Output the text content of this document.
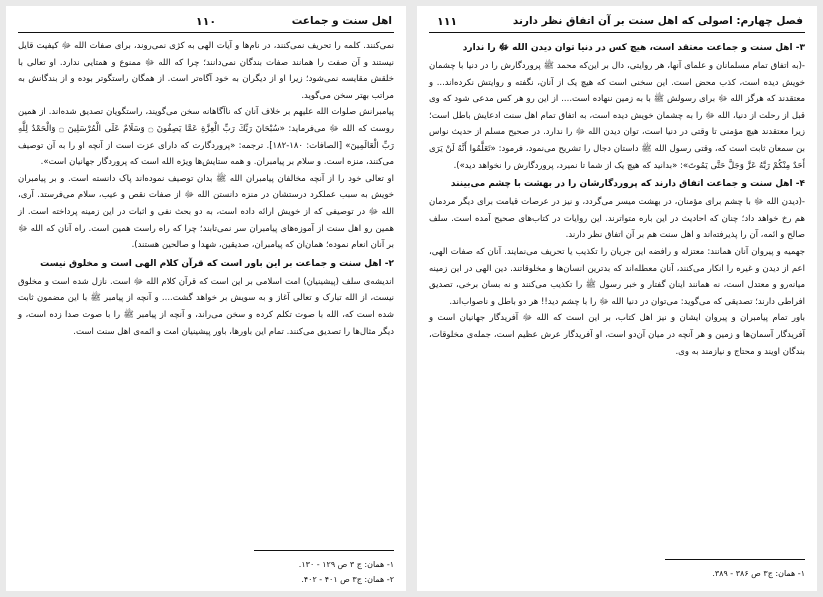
اهل سنت و جماعت
١١٠

نمی‌کنند. کلمه را تحریف نمی‌کنند، در نام‌ها و آیات الهی به کژی نمی‌روند، برای صفات الله ﷻ کیفیت قایل نیستند و آن صفت را همانند صفات بندگان نمی‌دانند؛ چرا که الله ﷻ ممنوع و همتایی ندارد. او تعالی با خلقش مقایسه نمی‌شود؛ زیرا او از دیگران به خود آگاه‌تر است. از همگان راستگوتر بوده و از بندگانش به مراتب بهتر سخن می‌گوید.

پیامبرانش صلوات الله علیهم بر خلاف آنان که ناآگاهانه سخن می‌گویند، راستگویان تصدیق شده‌اند. از همین روست که الله ﷻ می‌فرماید: «سُبْحَانَ رَبِّكَ رَبِّ الْعِزَّةِ عَمَّا يَصِفُونَ ۝ وَسَلَامٌ عَلَى الْمُرْسَلِينَ ۝ وَالْحَمْدُ لِلَّهِ رَبِّ الْعَالَمِينَ» [الصافات: ۱۸۰-۱۸۲]. ترجمه: «پروردگارت که دارای عزت است از آنچه او را به آن توصیف می‌کنند، منزه است. و سلام بر پیامبران. و همه ستایش‌ها ویژه الله است که پروردگار جهانیان است».

او تعالی خود را از آنچه مخالفان پیامبران الله ﷺ بدان توصیف نموده‌اند پاک دانسته است. و بر پیامبران خویش به سبب عملکرد درستشان در منزه دانستن الله ﷻ از صفات نقص و عیب، سلام می‌فرستد. آری، الله ﷻ در توصیفی که از خویش ارائه داده است، به دو بحث نفی و اثبات در این زمینه پرداخته است. از همین رو اهل سنت از آموزه‌های پیامبران سر نمی‌تابند؛ چرا که راه راست همین است. راه آنان که الله ﷻ بر آنان انعام نموده؛ همان‌ان که پیامبران، صدیقین، شهدا و صالحین هستند).

۲- اهل سنت و جماعت بر این باور است که قرآن کلام الهی است و مخلوق نیست

اندیشه‌ی سلف (پیشینیان) امت اسلامی بر این است که قرآن کلام الله ﷻ است. نازل شده است و مخلوق نیست، از الله تبارک و تعالی آغاز و به سویش بر خواهد گشت.... و آنچه از پیامبر ﷺ با این مضمون ثابت شده است که، الله با صوت تکلم کرده و سخن می‌راند، و آنچه از پیامبر ﷺ را با صوت صدا زده است، و دیگر مثال‌ها را تصدیق می‌کنند. تمام این باورها، باور پیشینیان امت و ائمه‌ی اهل سنت است.

۱- همان: ج ۳ ص ۱۲۹ - ۱۳۰.
۲- همان: ج۳ ص ۴۰۱ - ۴۰۲.
فصل چهارم: اصولی که اهل سنت بر آن اتفاق نظر دارند
١١١
۳- اهل سنت و جماعت معتقد است، هیچ کس در دنیا توان دیدن الله ﷻ را ندارد

-(به اتفاق تمام مسلمانان و علمای آنها، هر روایتی، دال بر این‌که محمد ﷺ پروردگارش را در دنیا با چشمان خویش دیده است، کذب محض است. این سخنی است که هیچ یک از آنان، نگفته و روایتش نکرده‌اند... و معتقدند که هرگز الله ﷻ برای رسولش ﷺ با به زمین ننهاده است.... از این رو هر کس مدعی شود که وی قبل از رحلت از دنیا، الله ﷻ را به چشمان خویش دیده است، به اتفاق تمام اهل سنت ادعایش باطل است؛ زیرا معتقدند هیچ مؤمنی تا وقتی در دنیا است، توان دیدن الله ﷻ را ندارد. در صحیح مسلم از حدیث نواس بن سمعان ثابت است که، وقتی رسول الله ﷺ داستان دجال را تشریح می‌نمود، فرمود: «تَعَلَّمُوا أَنَّهُ لَنْ يَرَى أَحَدٌ مِنْكُمْ رَبَّهُ عَزَّ وَجَلَّ حَتَّى يَمُوتَ»: «بدانید که هیچ یک از شما تا نمیرد، پروردگارش را نخواهد دید»).

۴- اهل سنت و جماعت اتفاق دارند که پروردگارشان را در بهشت با چشم می‌بینند

-(دیدن الله ﷻ با چشم برای مؤمنان، در بهشت میسر می‌گردد، و نیز در عرصات قیامت برای دیگر مردمان هم رخ خواهد داد؛ چنان که احادیث در این باره متواترند. این روایات در کتاب‌های صحیح آمده است. سلف صالح و ائمه، آن را پذیرفته‌اند و اهل سنت هم بر آن اتفاق نظر دارند.

جهمیه و پیروان آنان همانند: معتزله و رافضه این جریان را تکذیب یا تحریف می‌نمایند. آنان که صفات الهی، اعم از دیدن و غیره را انکار می‌کنند، آنان معطله‌اند که بدترین انسان‌ها و مخلوقاتند. دین الهی در این زمینه میانه‌رو و معتدل است، نه همانند اینان گفتار و خبر رسول ﷺ را تکذیب می‌کنند و نه بسان برخی، تصدیق افراطی دارند؛ تصدیقی که می‌گوید: می‌توان در دنیا الله ﷻ را با چشم دید!! هر دو باطل و ناصواب‌اند.

باور تمام پیامبران و پیروان ایشان و نیز اهل کتاب، بر این است که الله ﷻ آفریدگار جهانیان است و آفریدگار آسمان‌ها و زمین و هر آنچه در میان آن‌دو است، او آفریدگار عرش عظیم است، جمله‌ی مخلوقات، بندگان اویند و محتاج و نیازمند به وی.

۱- همان: ج۳ ص ۳۸۶ - ۳۸۹.
